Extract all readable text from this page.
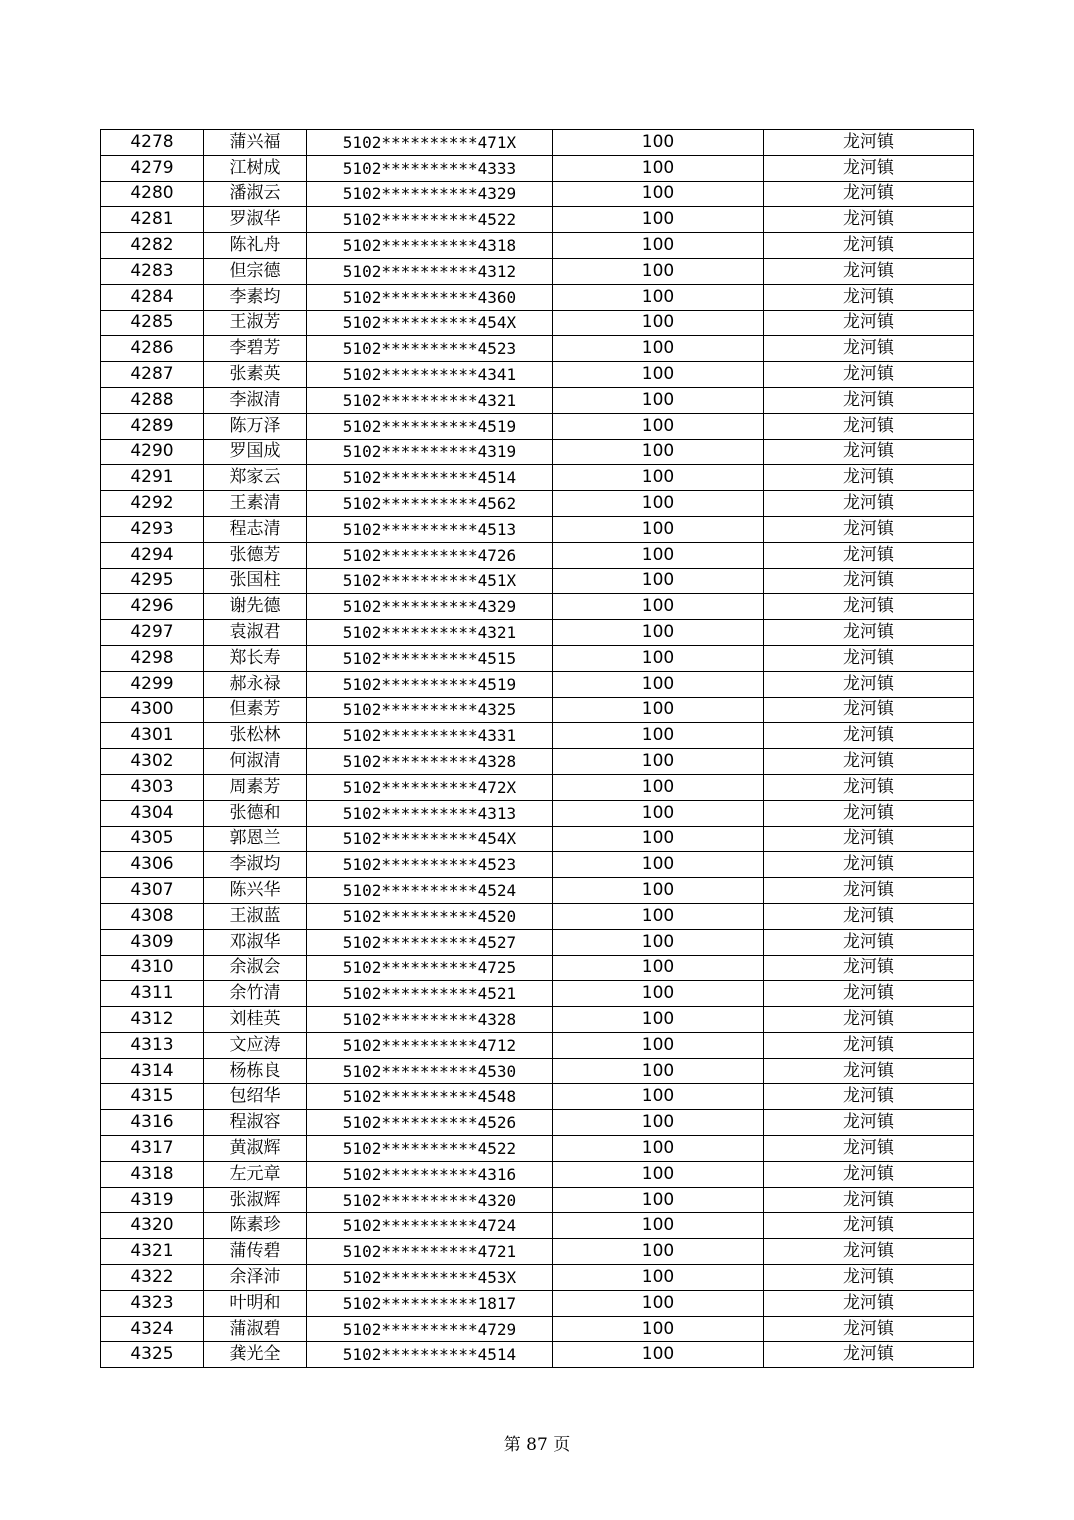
4278	蒲兴福	5102**********471X	100	龙河镇
4279	江树成	5102**********4333	100	龙河镇
4280	潘淑云	5102**********4329	100	龙河镇
4281	罗淑华	5102**********4522	100	龙河镇
4282	陈礼舟	5102**********4318	100	龙河镇
4283	但宗德	5102**********4312	100	龙河镇
4284	李素均	5102**********4360	100	龙河镇
4285	王淑芳	5102**********454X	100	龙河镇
4286	李碧芳	5102**********4523	100	龙河镇
4287	张素英	5102**********4341	100	龙河镇
4288	李淑清	5102**********4321	100	龙河镇
4289	陈万泽	5102**********4519	100	龙河镇
4290	罗国成	5102**********4319	100	龙河镇
4291	郑家云	5102**********4514	100	龙河镇
4292	王素清	5102**********4562	100	龙河镇
4293	程志清	5102**********4513	100	龙河镇
4294	张德芳	5102**********4726	100	龙河镇
4295	张国柱	5102**********451X	100	龙河镇
4296	谢先德	5102**********4329	100	龙河镇
4297	袁淑君	5102**********4321	100	龙河镇
4298	郑长寿	5102**********4515	100	龙河镇
4299	郝永禄	5102**********4519	100	龙河镇
4300	但素芳	5102**********4325	100	龙河镇
4301	张松林	5102**********4331	100	龙河镇
4302	何淑清	5102**********4328	100	龙河镇
4303	周素芳	5102**********472X	100	龙河镇
4304	张德和	5102**********4313	100	龙河镇
4305	郭恩兰	5102**********454X	100	龙河镇
4306	李淑均	5102**********4523	100	龙河镇
4307	陈兴华	5102**********4524	100	龙河镇
4308	王淑蓝	5102**********4520	100	龙河镇
4309	邓淑华	5102**********4527	100	龙河镇
4310	余淑会	5102**********4725	100	龙河镇
4311	余竹清	5102**********4521	100	龙河镇
4312	刘桂英	5102**********4328	100	龙河镇
4313	文应涛	5102**********4712	100	龙河镇
4314	杨栋良	5102**********4530	100	龙河镇
4315	包绍华	5102**********4548	100	龙河镇
4316	程淑容	5102**********4526	100	龙河镇
4317	黄淑辉	5102**********4522	100	龙河镇
4318	左元章	5102**********4316	100	龙河镇
4319	张淑辉	5102**********4320	100	龙河镇
4320	陈素珍	5102**********4724	100	龙河镇
4321	蒲传碧	5102**********4721	100	龙河镇
4322	余泽沛	5102**********453X	100	龙河镇
4323	叶明和	5102**********1817	100	龙河镇
4324	蒲淑碧	5102**********4729	100	龙河镇
4325	龚光全	5102**********4514	100	龙河镇
第 87 页
